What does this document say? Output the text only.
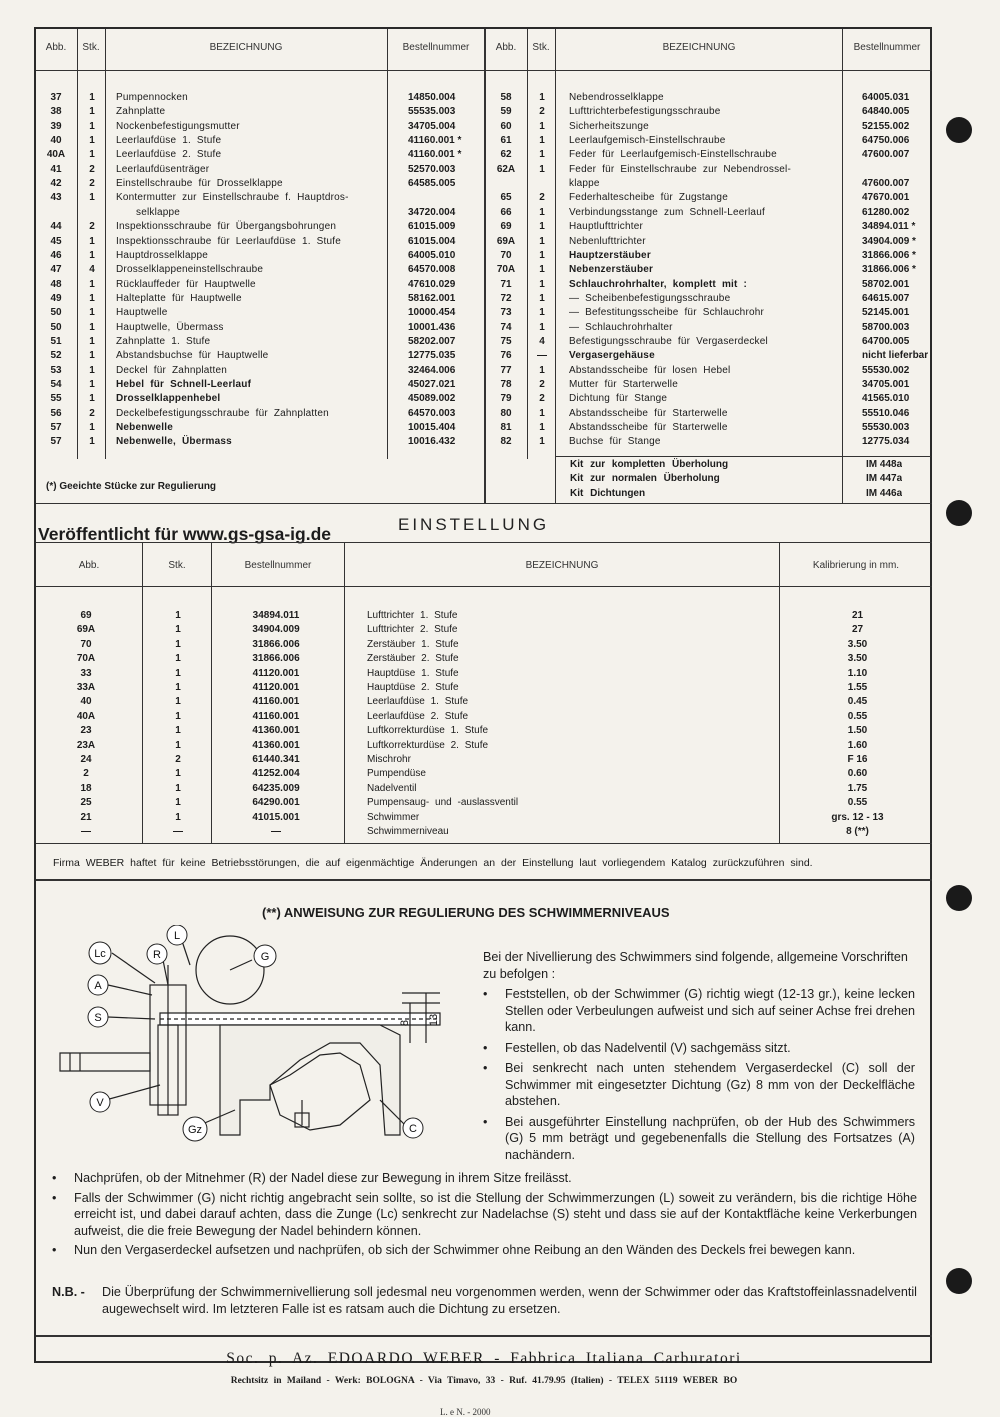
Abb.	Stk.	BEZEICHNUNG	Bestellnummer	Abb.	Stk.	BEZEICHNUNG	Bestellnummer
37	1	Pumpennocken	14850.004
38	1	Zahnplatte	55535.003
39	1	Nockenbefestigungsmutter	34705.004
40	1	Leerlaufdüse 1. Stufe	41160.001 *
40A	1	Leerlaufdüse 2. Stufe	41160.001 *
41	2	Leerlaufdüsenträger	52570.003
42	2	Einstellschraube für Drosselklappe	64585.005
43	1	Kontermutter zur Einstellschraube f. Hauptdros-
selklappe	34720.004
44	2	Inspektionsschraube für Übergangsbohrungen	61015.009
45	1	Inspektionsschraube für Leerlaufdüse 1. Stufe	61015.004
46	1	Hauptdrosselklappe	64005.010
47	4	Drosselklappeneinstellschraube	64570.008
48	1	Rücklauffeder für Hauptwelle	47610.029
49	1	Halteplatte für Hauptwelle	58162.001
50	1	Hauptwelle	10000.454
50	1	Hauptwelle, Übermass	10001.436
51	1	Zahnplatte 1. Stufe	58202.007
52	1	Abstandsbuchse für Hauptwelle	12775.035
53	1	Deckel für Zahnplatten	32464.006
54	1	Hebel für Schnell-Leerlauf	45027.021
55	1	Drosselklappenhebel	45089.002
56	2	Deckelbefestigungsschraube für Zahnplatten	64570.003
57	1	Nebenwelle	10015.404
57	1	Nebenwelle, Übermass	10016.432
58	1	Nebendrosselklappe	64005.031
59	2	Lufttrichterbefestigungsschraube	64840.005
60	1	Sicherheitszunge	52155.002
61	1	Leerlaufgemisch-Einstellschraube	64750.006
62	1	Feder für Leerlaufgemisch-Einstellschraube	47600.007
62A	1	Feder für Einstellschraube zur Nebendrossel-
klappe	47600.007
65	2	Federhaltescheibe für Zugstange	47670.001
66	1	Verbindungsstange zum Schnell-Leerlauf	61280.002
69	1	Hauptlufttrichter	34894.011 *
69A	1	Nebenlufttrichter	34904.009 *
70	1	Hauptzerstäuber	31866.006 *
70A	1	Nebenzerstäuber	31866.006 *
71	1	Schlauchrohrhalter, komplett mit :	58702.001
72	1	— Scheibenbefestigungsschraube	64615.007
73	1	— Befestitungsscheibe für Schlauchrohr	52145.001
74	1	— Schlauchrohrhalter	58700.003
75	4	Befestigungsschraube für Vergaserdeckel	64700.005
76	—	Vergasergehäuse	nicht lieferbar
77	1	Abstandsscheibe für losen Hebel	55530.002
78	2	Mutter für Starterwelle	34705.001
79	2	Dichtung für Stange	41565.010
80	1	Abstandsscheibe für Starterwelle	55510.046
81	1	Abstandsscheibe für Starterwelle	55530.003
82	1	Buchse für Stange	12775.034
Kit zur kompletten Überholung	IM 448a
Kit zur normalen Überholung	IM 447a
Kit Dichtungen	IM 446a
(*) Geeichte Stücke zur Regulierung
Veröffentlicht für www.gs-gsa-ig.de	EINSTELLUNG
Abb.	Stk.	Bestellnummer	BEZEICHNUNG	Kalibrierung in mm.
69	1	34894.011	Lufttrichter 1. Stufe	21
69A	1	34904.009	Lufttrichter 2. Stufe	27
70	1	31866.006	Zerstäuber 1. Stufe	3.50
70A	1	31866.006	Zerstäuber 2. Stufe	3.50
33	1	41120.001	Hauptdüse 1. Stufe	1.10
33A	1	41120.001	Hauptdüse 2. Stufe	1.55
40	1	41160.001	Leerlaufdüse 1. Stufe	0.45
40A	1	41160.001	Leerlaufdüse 2. Stufe	0.55
23	1	41360.001	Luftkorrekturdüse 1. Stufe	1.50
23A	1	41360.001	Luftkorrekturdüse 2. Stufe	1.60
24	2	61440.341	Mischrohr	F 16
2	1	41252.004	Pumpendüse	0.60
18	1	64235.009	Nadelventil	1.75
25	1	64290.001	Pumpensaug- und -auslassventil	0.55
21	1	41015.001	Schwimmer	grs. 12 - 13
—	—	—	Schwimmerniveau	8 (**)
Firma WEBER haftet für keine Betriebsstörungen, die auf eigenmächtige Änderungen an der Einstellung laut vorliegendem Katalog zurückzuführen sind.
(**) ANWEISUNG ZUR REGULIERUNG DES SCHWIMMERNIVEAUS
Lc	R
L
G
A
S
V
Gz	C
8 13
Bei der Nivellierung des Schwimmers sind folgende, allgemeine Vorschriften zu befolgen :
• Feststellen, ob der Schwimmer (G) richtig wiegt (12-13 gr.), keine lecken Stellen oder Verbeulungen aufweist und sich auf seiner Achse frei drehen kann.
• Festellen, ob das Nadelventil (V) sachgemäss sitzt.
• Bei senkrecht nach unten stehendem Vergaserdeckel (C) soll der Schwimmer mit eingesetzter Dichtung (Gz) 8 mm von der Deckelfläche abstehen.
• Bei ausgeführter Einstellung nachprüfen, ob der Hub des Schwimmers (G) 5 mm beträgt und gegebenenfalls die Stellung des Fortsatzes (A) nachändern.
• Nachprüfen, ob der Mitnehmer (R) der Nadel diese zur Bewegung in ihrem Sitze freilässt.
• Falls der Schwimmer (G) nicht richtig angebracht sein sollte, so ist die Stellung der Schwimmerzungen (L) soweit zu verändern, bis die richtige Höhe erreicht ist, und dabei darauf achten, dass die Zunge (Lc) senkrecht zur Nadelachse (S) steht und dass sie auf der Kontaktfläche keine Verkerbungen aufweist, die die freie Bewegung der Nadel behindern können.
• Nun den Vergaserdeckel aufsetzen und nachprüfen, ob sich der Schwimmer ohne Reibung an den Wänden des Deckels frei bewegen kann.
N.B. -	Die Überprüfung der Schwimmernivellierung soll jedesmal neu vorgenommen werden, wenn der Schwimmer oder das Kraftstoffeinlassnadelventil augewechselt wird. Im letzteren Falle ist es ratsam auch die Dichtung zu ersetzen.
Soc. p. Az. EDOARDO WEBER - Fabbrica Italiana Carburatori
Rechtsitz in Mailand - Werk: BOLOGNA - Via Timavo, 33 - Ruf. 41.79.95 (Italien) - TELEX 51119 WEBER BO
L. e N. - 2000
